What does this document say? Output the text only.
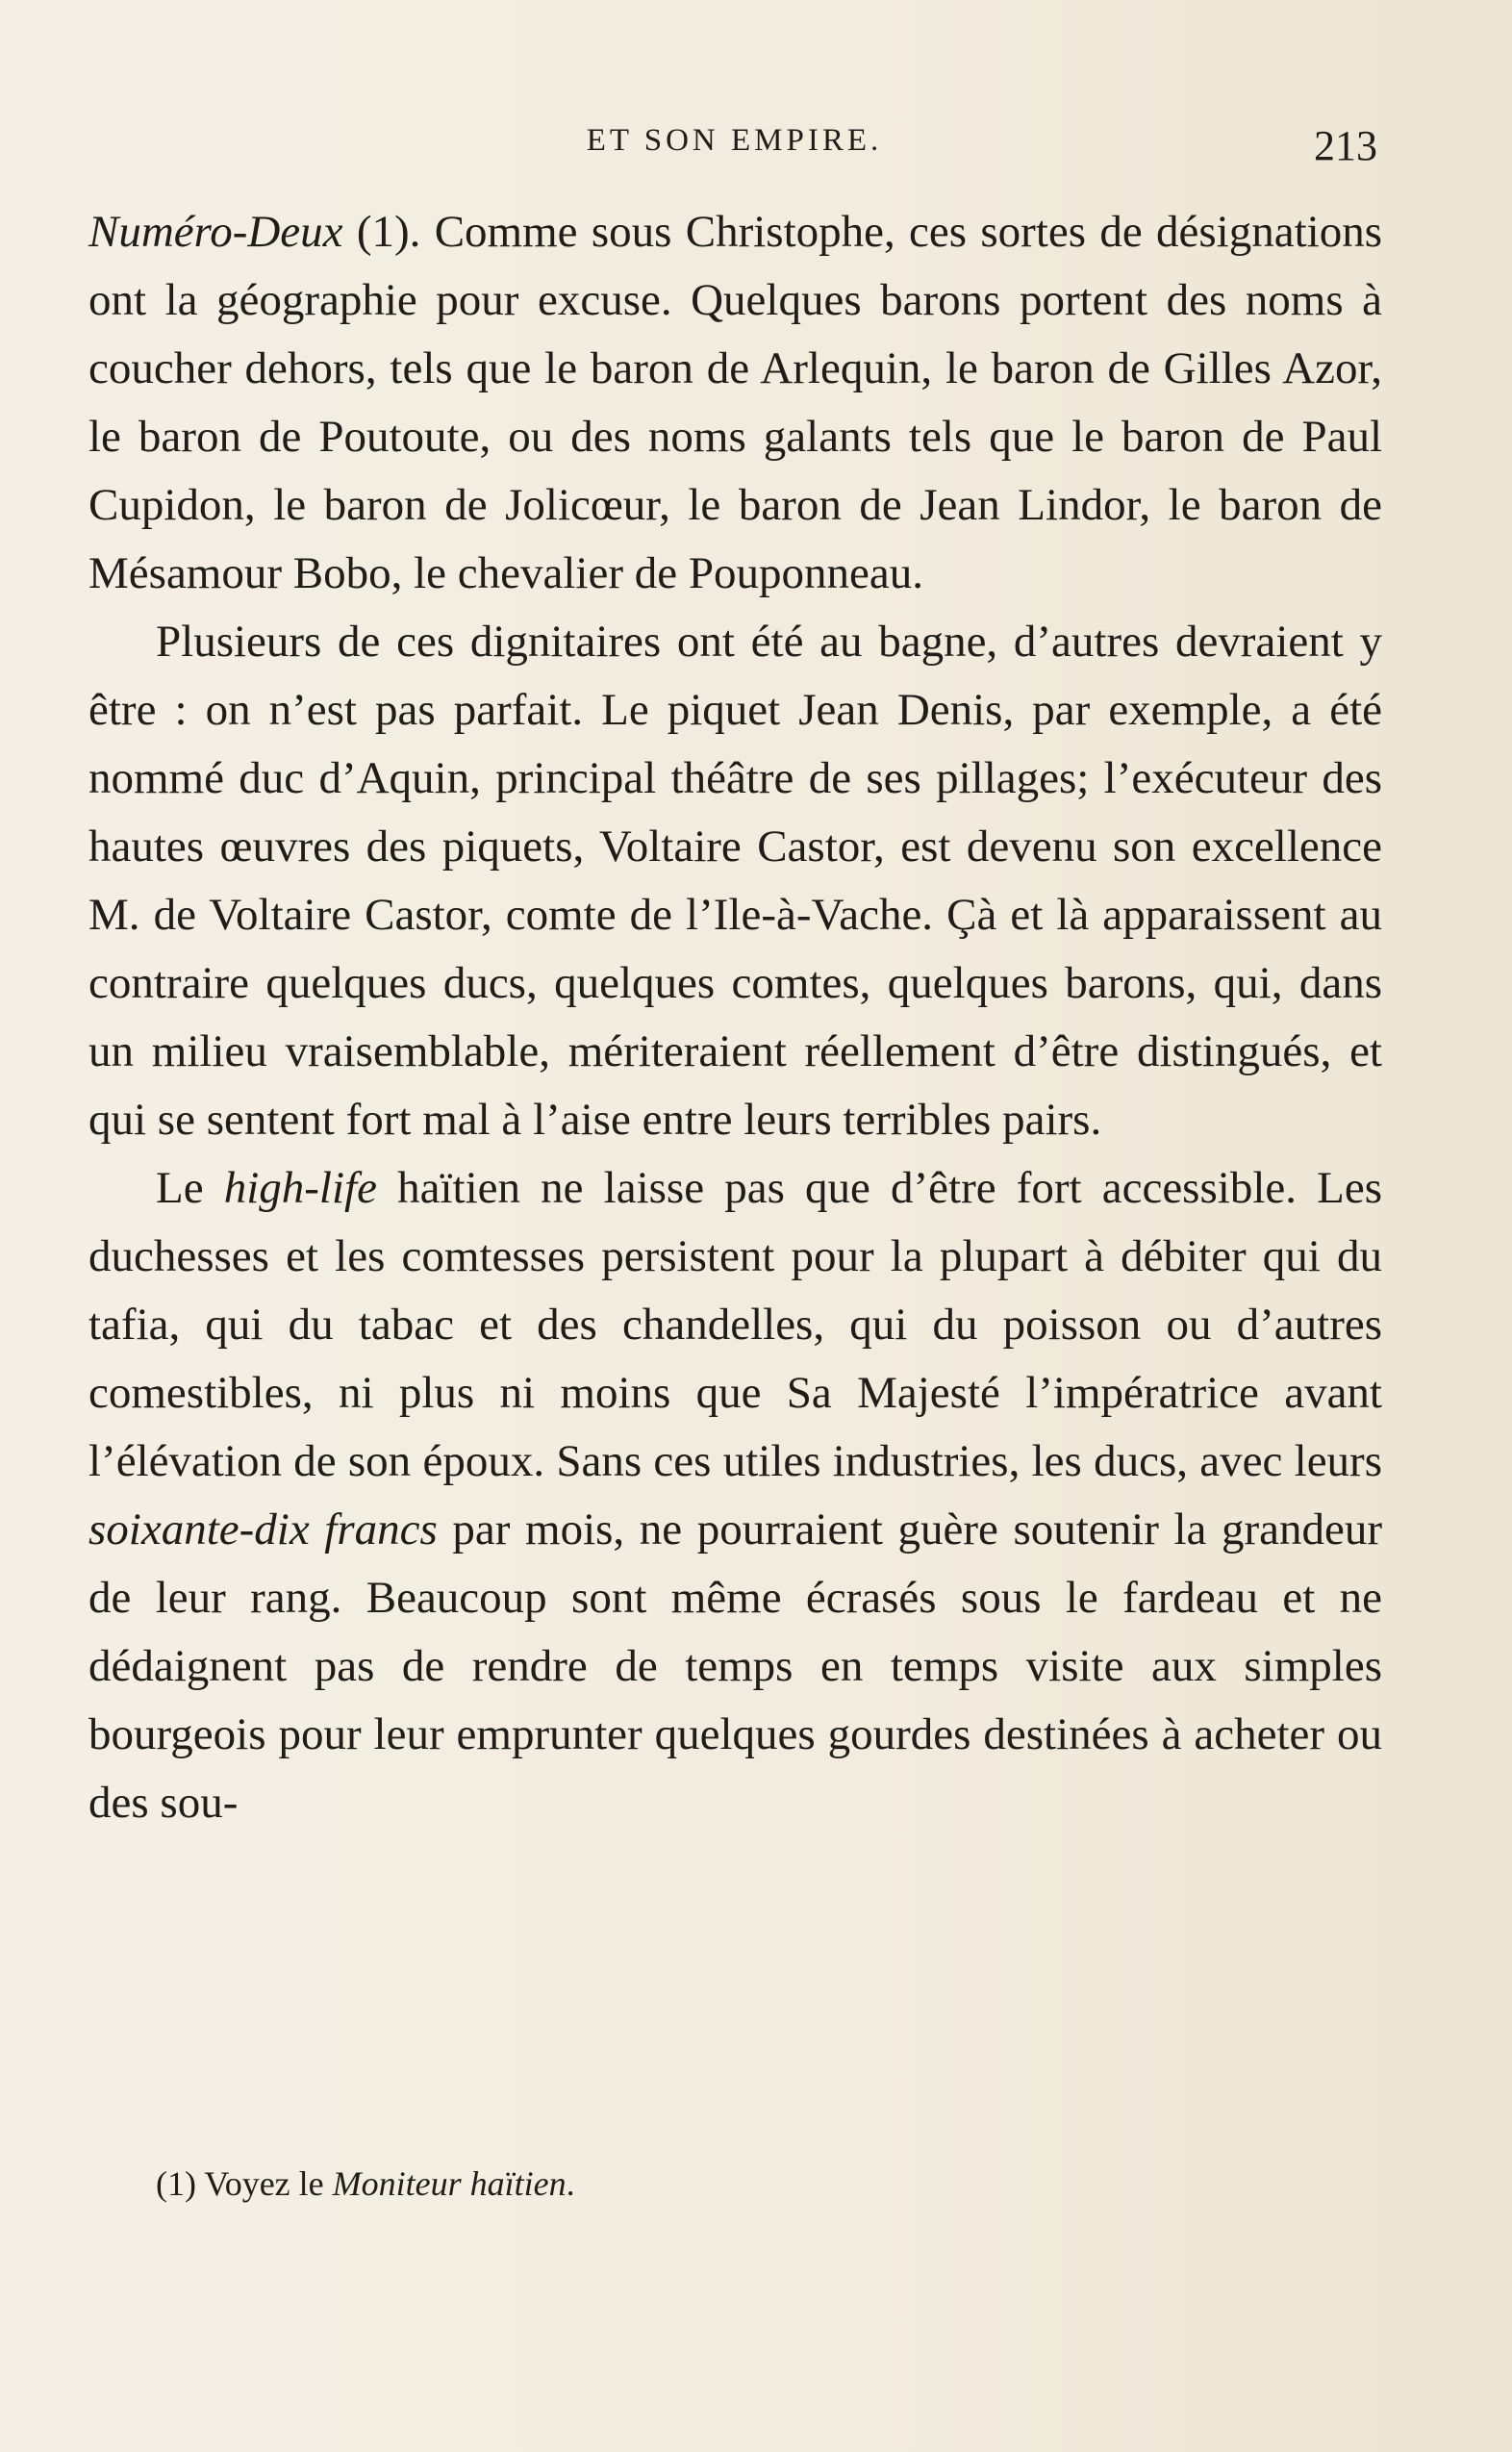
ET SON EMPIRE.	213

Numéro-Deux (1). Comme sous Christophe, ces sortes de désignations ont la géographie pour excuse. Quelques barons portent des noms à coucher dehors, tels que le baron de Arlequin, le baron de Gilles Azor, le baron de Poutoute, ou des noms galants tels que le baron de Paul Cupidon, le baron de Jolicœur, le baron de Jean Lindor, le baron de Mésamour Bobo, le chevalier de Pouponneau.

Plusieurs de ces dignitaires ont été au bagne, d’autres devraient y être : on n’est pas parfait. Le piquet Jean Denis, par exemple, a été nommé duc d’Aquin, principal théâtre de ses pillages; l’exécuteur des hautes œuvres des piquets, Voltaire Castor, est devenu son excellence M. de Voltaire Castor, comte de l’Ile-à-Vache. Çà et là apparaissent au contraire quelques ducs, quelques comtes, quelques barons, qui, dans un milieu vraisemblable, mériteraient réellement d’être distingués, et qui se sentent fort mal à l’aise entre leurs terribles pairs.

Le high-life haïtien ne laisse pas que d’être fort accessible. Les duchesses et les comtesses persistent pour la plupart à débiter qui du tafia, qui du tabac et des chandelles, qui du poisson ou d’autres comestibles, ni plus ni moins que Sa Majesté l’impératrice avant l’élévation de son époux. Sans ces utiles industries, les ducs, avec leurs soixante-dix francs par mois, ne pourraient guère soutenir la grandeur de leur rang. Beaucoup sont même écrasés sous le fardeau et ne dédaignent pas de rendre de temps en temps visite aux simples bourgeois pour leur emprunter quelques gourdes destinées à acheter ou des sou-

(1) Voyez le Moniteur haïtien.
